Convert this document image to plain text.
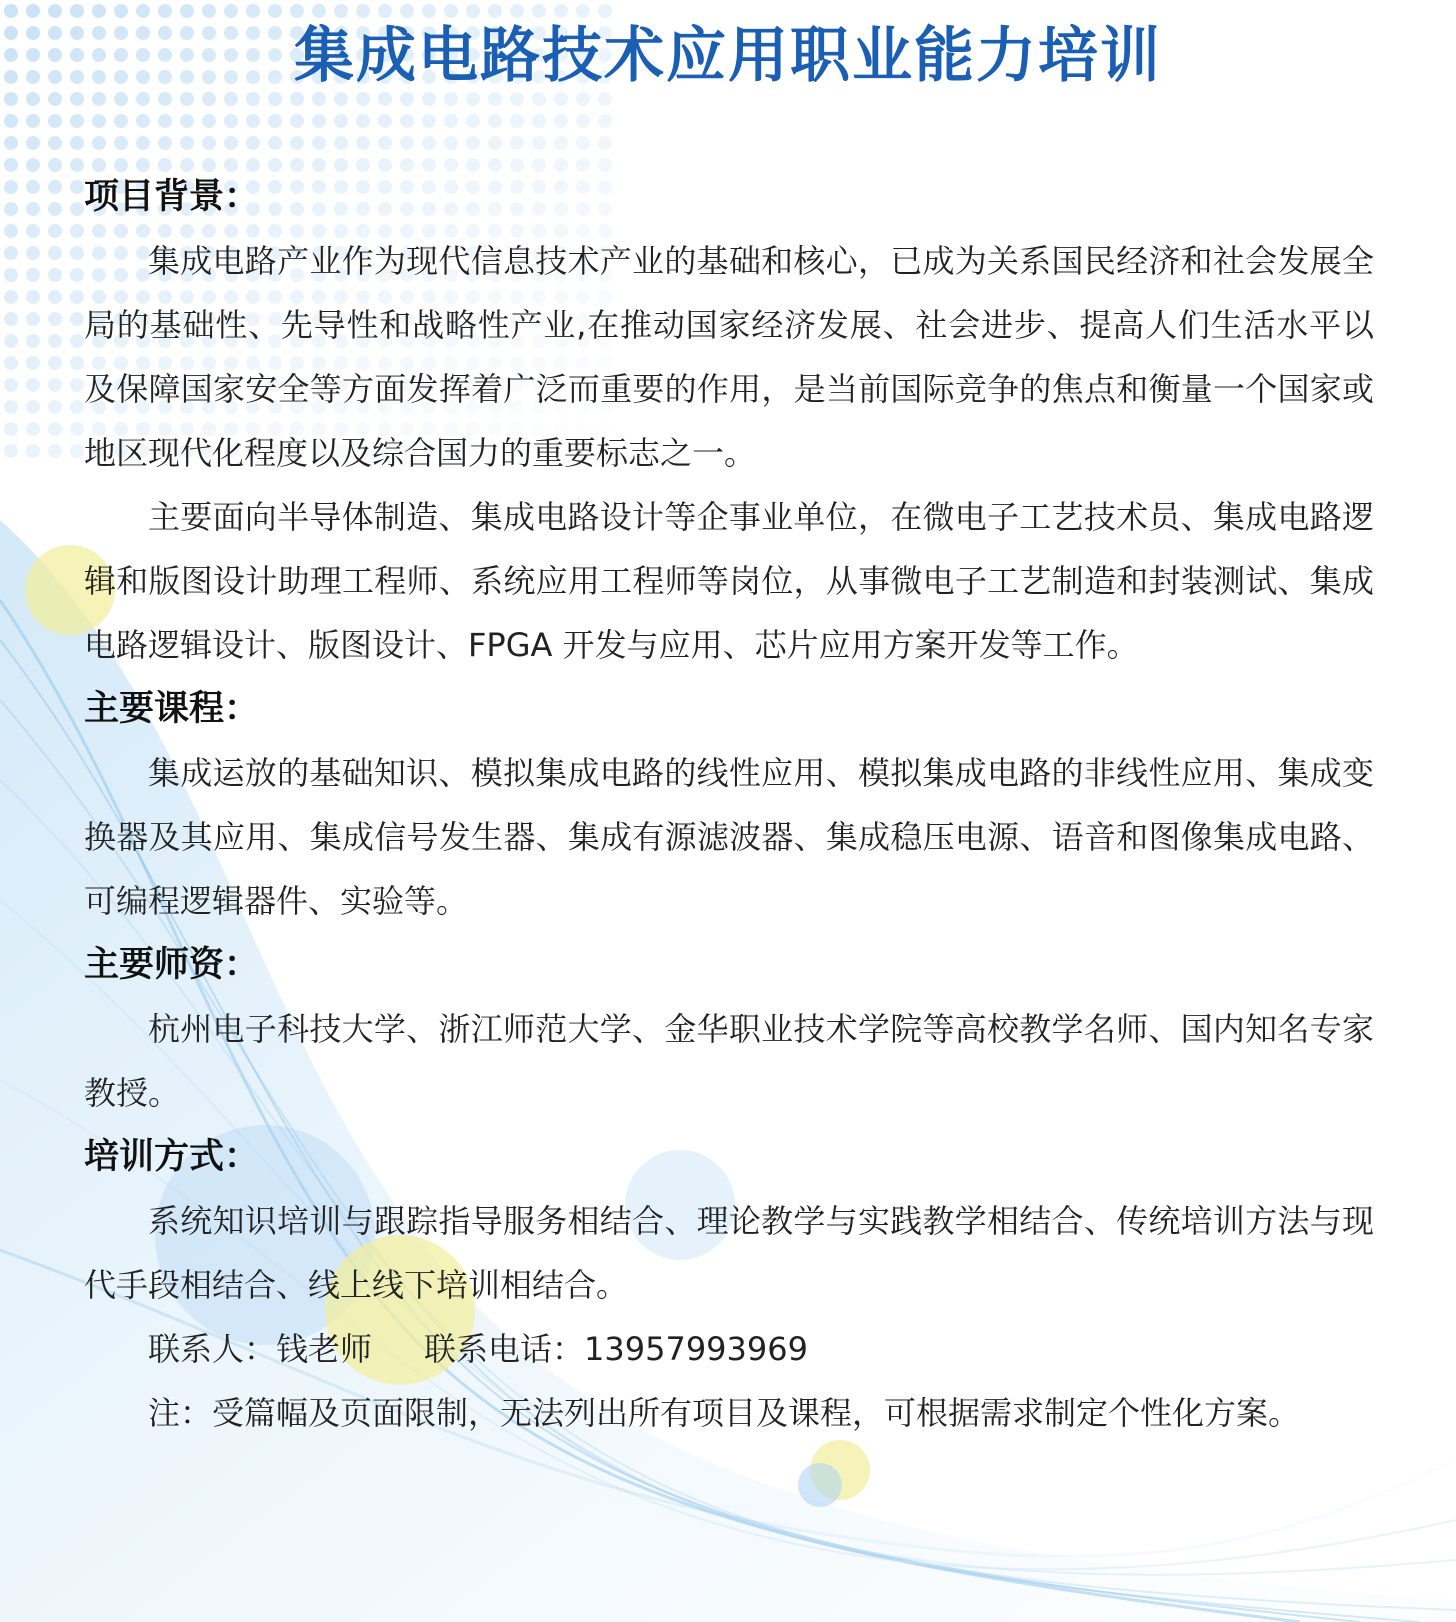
集成电路技术应用职业能力培训
项目背景：

集成电路产业作为现代信息技术产业的基础和核心，已成为关系国民经济和社会发展全局的基础性、先导性和战略性产业,在推动国家经济发展、社会进步、提高人们生活水平以及保障国家安全等方面发挥着广泛而重要的作用，是当前国际竞争的焦点和衡量一个国家或地区现代化程度以及综合国力的重要标志之一。

主要面向半导体制造、集成电路设计等企事业单位，在微电子工艺技术员、集成电路逻辑和版图设计助理工程师、系统应用工程师等岗位，从事微电子工艺制造和封装测试、集成电路逻辑设计、版图设计、FPGA 开发与应用、芯片应用方案开发等工作。

主要课程：

集成运放的基础知识、模拟集成电路的线性应用、模拟集成电路的非线性应用、集成变换器及其应用、集成信号发生器、集成有源滤波器、集成稳压电源、语音和图像集成电路、可编程逻辑器件、实验等。

主要师资：

杭州电子科技大学、浙江师范大学、金华职业技术学院等高校教学名师、国内知名专家教授。

培训方式：

系统知识培训与跟踪指导服务相结合、理论教学与实践教学相结合、传统培训方法与现代手段相结合、线上线下培训相结合。

联系人：钱老师 联系电话：13957993969

注：受篇幅及页面限制，无法列出所有项目及课程，可根据需求制定个性化方案。
